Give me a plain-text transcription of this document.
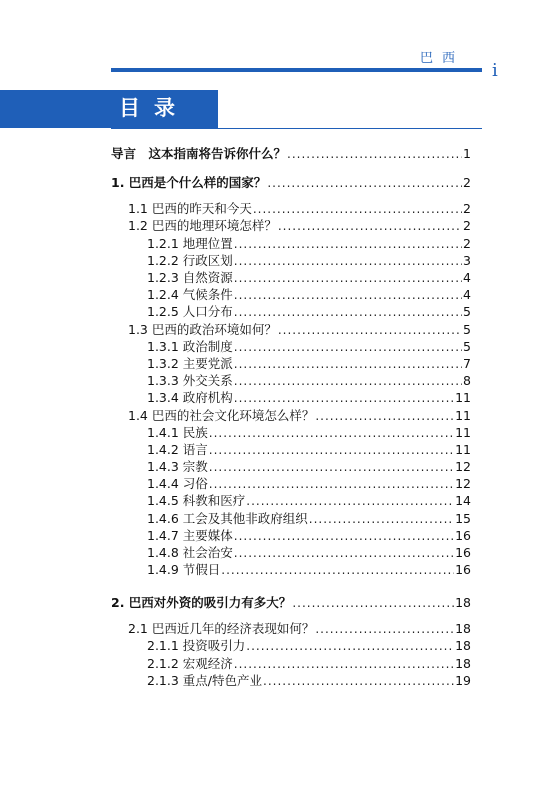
巴西
i
目录
导言　这本指南将告诉你什么？ .....	1
1. 巴西是个什么样的国家？ .....	2
1.1 巴西的昨天和今天 .....	2
1.2 巴西的地理环境怎样？ .....	2
1.2.1 地理位置 .....	2
1.2.2 行政区划 .....	3
1.2.3 自然资源 .....	4
1.2.4 气候条件 .....	4
1.2.5 人口分布 .....	5
1.3 巴西的政治环境如何？ .....	5
1.3.1 政治制度 .....	5
1.3.2 主要党派 .....	7
1.3.3 外交关系 .....	8
1.3.4 政府机构 .....	11
1.4 巴西的社会文化环境怎么样？ .....	11
1.4.1 民族 .....	11
1.4.2 语言 .....	11
1.4.3 宗教 .....	12
1.4.4 习俗 .....	12
1.4.5 科教和医疗 .....	14
1.4.6 工会及其他非政府组织 .....	15
1.4.7 主要媒体 .....	16
1.4.8 社会治安 .....	16
1.4.9 节假日 .....	16
2. 巴西对外资的吸引力有多大？ .....	18
2.1 巴西近几年的经济表现如何？ .....	18
2.1.1 投资吸引力 .....	18
2.1.2 宏观经济 .....	18
2.1.3 重点/特色产业 .....	19
